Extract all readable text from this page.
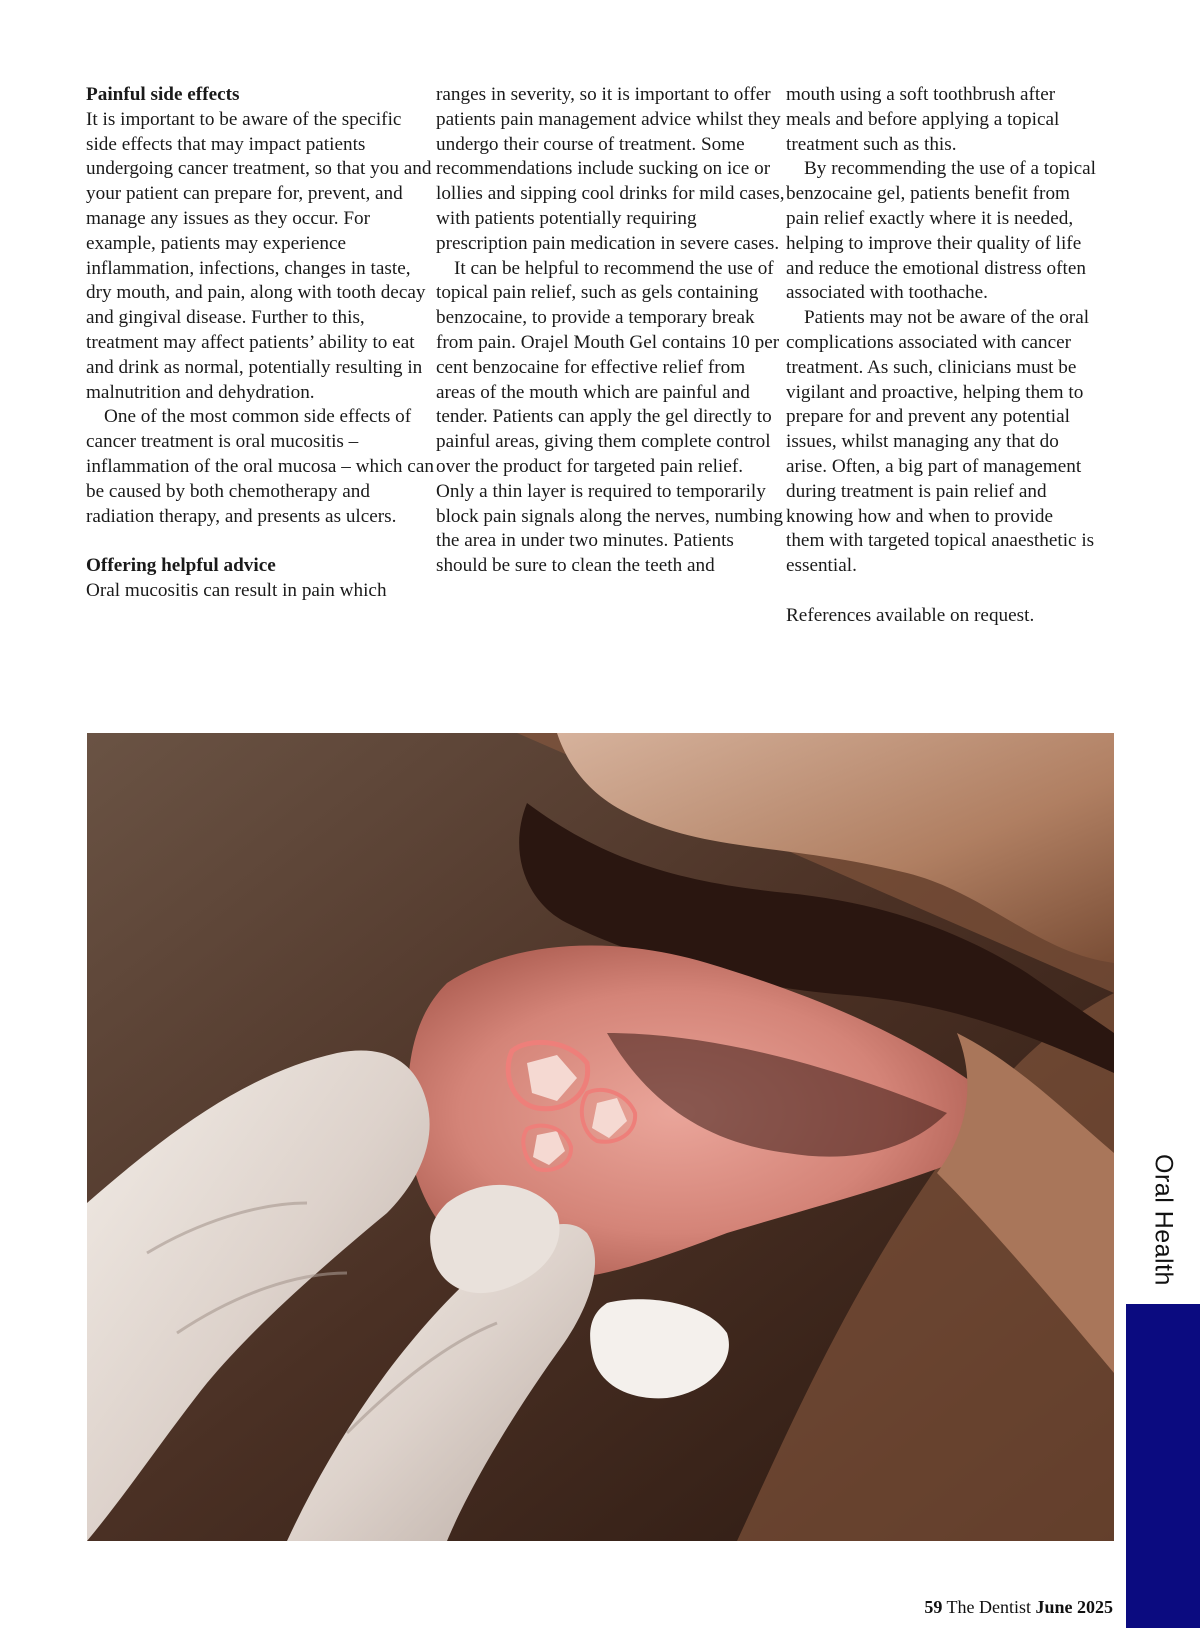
Painful side effects

It is important to be aware of the specific side effects that may impact patients undergoing cancer treatment, so that you and your patient can prepare for, prevent, and manage any issues as they occur. For example, patients may experience inflammation, infections, changes in taste, dry mouth, and pain, along with tooth decay and gingival disease. Further to this, treatment may affect patients’ ability to eat and drink as normal, potentially resulting in malnutrition and dehydration.

One of the most common side effects of cancer treatment is oral mucositis – inflammation of the oral mucosa – which can be caused by both chemotherapy and radiation therapy, and presents as ulcers.

Offering helpful advice

Oral mucositis can result in pain which

ranges in severity, so it is important to offer patients pain management advice whilst they undergo their course of treatment. Some recommendations include sucking on ice or lollies and sipping cool drinks for mild cases, with patients potentially requiring prescription pain medication in severe cases.

It can be helpful to recommend the use of topical pain relief, such as gels containing benzocaine, to provide a temporary break from pain. Orajel Mouth Gel contains 10 per cent benzocaine for effective relief from areas of the mouth which are painful and tender. Patients can apply the gel directly to painful areas, giving them complete control over the product for targeted pain relief. Only a thin layer is required to temporarily block pain signals along the nerves, numbing the area in under two minutes. Patients should be sure to clean the teeth and

mouth using a soft toothbrush after meals and before applying a topical treatment such as this.

By recommending the use of a topical benzocaine gel, patients benefit from pain relief exactly where it is needed, helping to improve their quality of life and reduce the emotional distress often associated with toothache.

Patients may not be aware of the oral complications associated with cancer treatment. As such, clinicians must be vigilant and proactive, helping them to prepare for and prevent any potential issues, whilst managing any that do arise. Often, a big part of management during treatment is pain relief and knowing how and when to provide them with targeted topical anaesthetic is essential.

References available on request.

Oral Health
59 The Dentist June 2025
